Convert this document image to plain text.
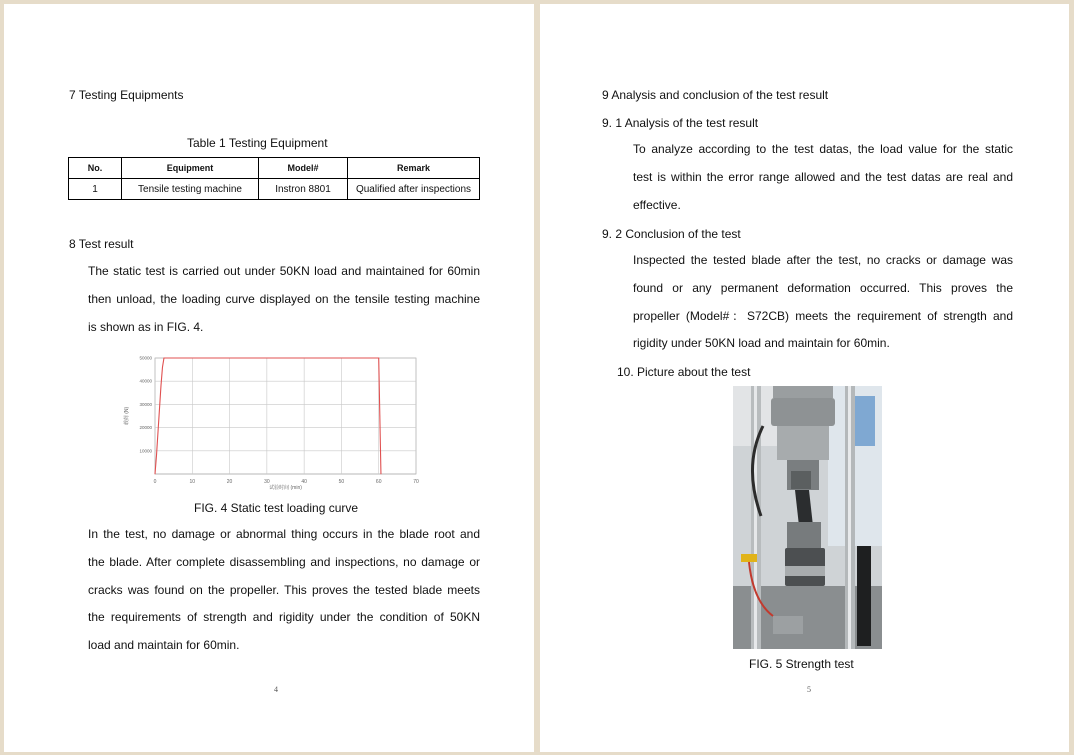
7 Testing Equipments
Table 1 Testing Equipment
No.	Equipment	Model#	Remark
1	Tensile testing machine	Instron 8801	Qualified after inspections
8 Test result
The static test is carried out under 50KN load and maintained for 60min
then unload, the loading curve displayed on the tensile testing machine
is shown as in FIG. 4.
0	10	20	30	40	50	60	70
10000
20000
30000
40000
50000
试验时间 (min)
载荷 (N)
FIG. 4 Static test loading curve
In the test, no damage or abnormal thing occurs in the blade root and
the blade. After complete disassembling and inspections, no damage or
cracks was found on the propeller. This proves the tested blade meets
the requirements of strength and rigidity under the condition of 50KN
load and maintain for 60min.
4
9 Analysis and conclusion of the test result
9. 1 Analysis of the test result
To analyze according to the test datas, the load value for the static
test is within the error range allowed and the test datas are real and
effective.
9. 2 Conclusion of the test
Inspected the tested blade after the test, no cracks or damage was
found or any permanent deformation occurred. This proves the
propeller (Model#：S72CB) meets the requirement of strength and
rigidity under 50KN load and maintain for 60min.
10. Picture about the test
FIG. 5 Strength test
5
